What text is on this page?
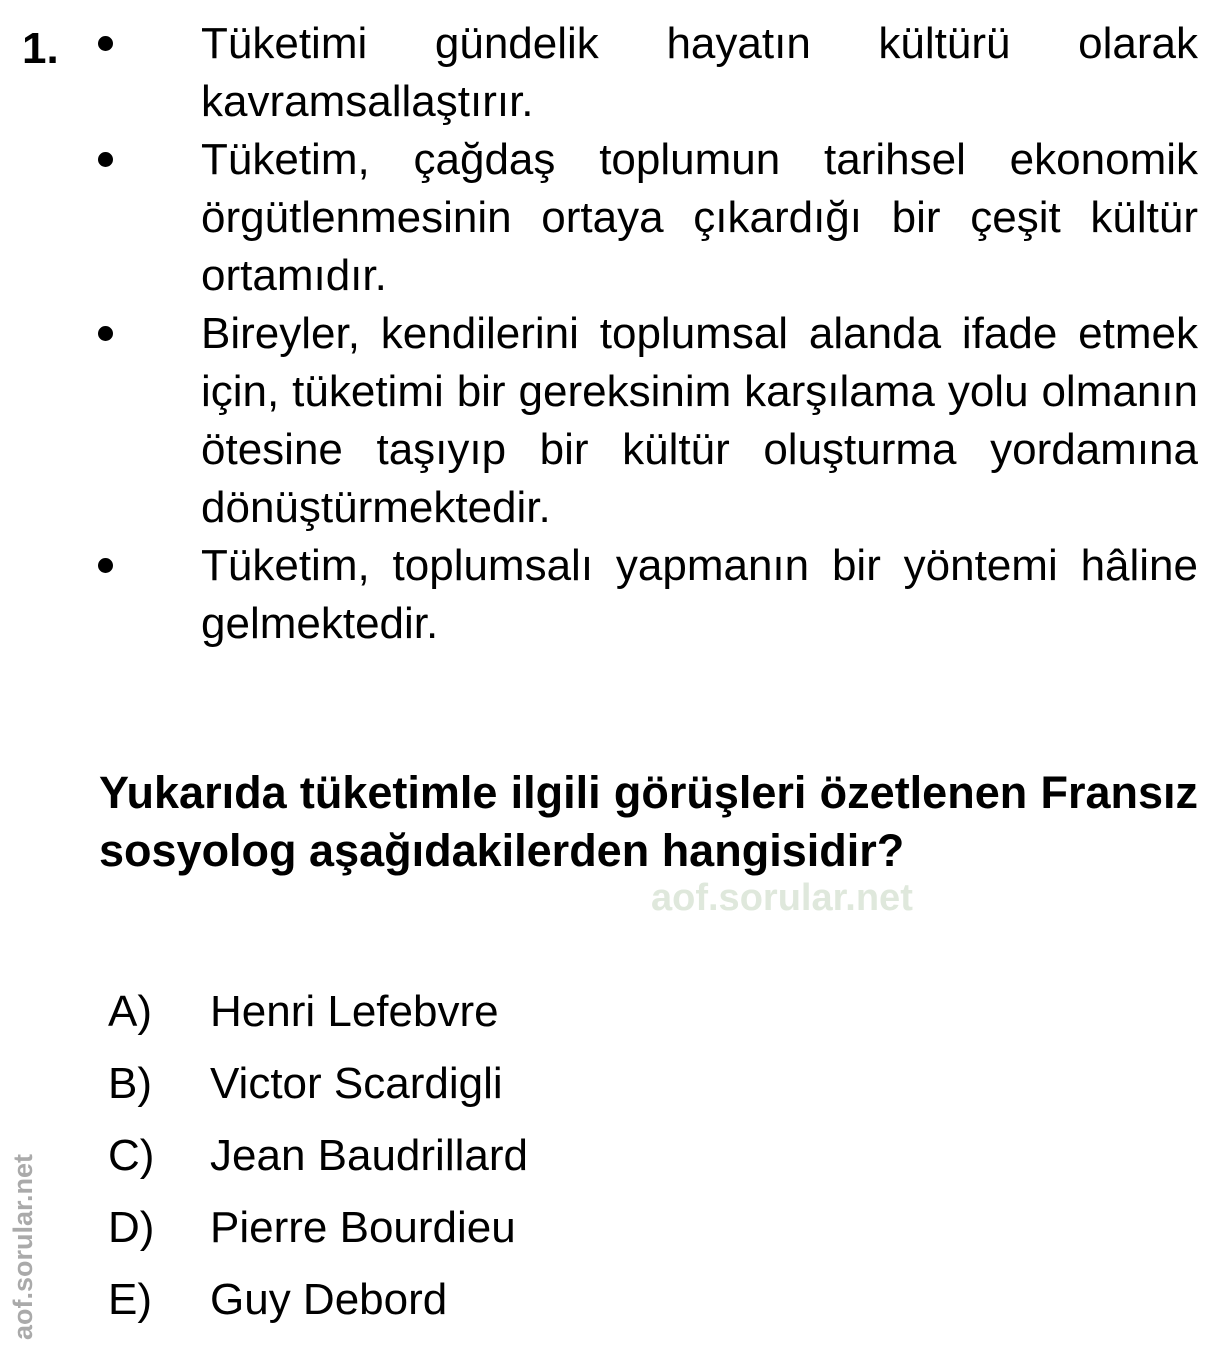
1.	Tüketimi gündelik hayatın kültürü olarak kavramsallaştırır.
Tüketim, çağdaş toplumun tarihsel ekonomik örgütlenmesinin ortaya çıkardığı bir çeşit kültür ortamıdır.
Bireyler, kendilerini toplumsal alanda ifade etmek için, tüketimi bir gereksinim karşılama yolu olmanın ötesine taşıyıp bir kültür oluşturma yordamına dönüştürmektedir.
Tüketim, toplumsalı yapmanın bir yöntemi hâline gelmektedir.

Yukarıda tüketimle ilgili görüşleri özetlenen Fransız sosyolog aşağıdakilerden hangisidir?

aof.sorular.net
A) Henri Lefebvre
B) Victor Scardigli
C) Jean Baudrillard
D) Pierre Bourdieu
E) Guy Debord
aof.sorular.net
